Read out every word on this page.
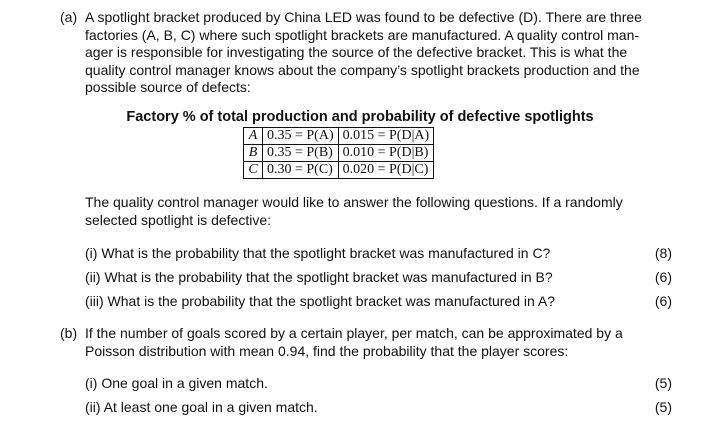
(a) A spotlight bracket produced by China LED was found to be defective (D). There are three
factories (A, B, C) where such spotlight brackets are manufactured. A quality control man-
ager is responsible for investigating the source of the defective bracket. This is what the
quality control manager knows about the company’s spotlight brackets production and the
possible source of defects:
Factory % of total production and probability of defective spotlights
A	0.35 = P(A)	0.015 = P(D|A)
B	0.35 = P(B)	0.010 = P(D|B)
C	0.30 = P(C)	0.020 = P(D|C)
The quality control manager would like to answer the following questions. If a randomly
selected spotlight is defective:
(i) What is the probability that the spotlight bracket was manufactured in C?	(8)
(ii) What is the probability that the spotlight bracket was manufactured in B?	(6)
(iii) What is the probability that the spotlight bracket was manufactured in A?	(6)
(b) If the number of goals scored by a certain player, per match, can be approximated by a
Poisson distribution with mean 0.94, find the probability that the player scores:
(i) One goal in a given match.	(5)
(ii) At least one goal in a given match.	(5)
